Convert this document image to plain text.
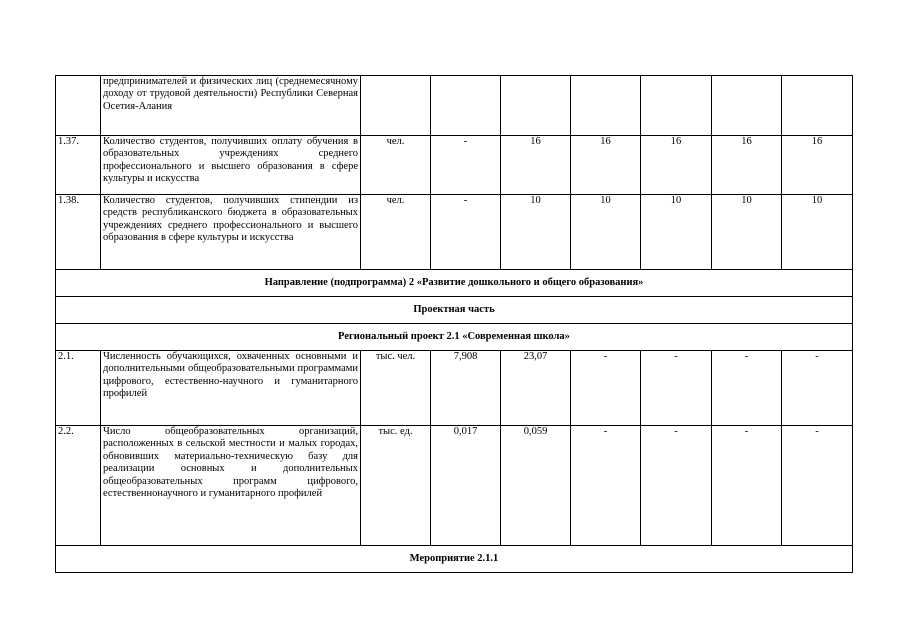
	предпринимателей и физических лиц (среднемесячному доходу от трудовой деятельности) Республики Северная Осетия-Алания							
1.37.	Количество студентов, получивших оплату обучения в образовательных учреждениях среднего профессионального и высшего образования в сфере культуры и искусства	чел.	-	16	16	16	16	16
1.38.	Количество студентов, получивших стипендии из средств республиканского бюджета в образовательных учреждениях среднего профессионального и высшего образования в сфере культуры и искусства	чел.	-	10	10	10	10	10
Направление (подпрограмма) 2 «Развитие дошкольного и общего образования»								
Проектная часть								
Региональный проект 2.1 «Современная школа»								
2.1.	Численность обучающихся, охваченных основными и дополнительными общеобразовательными программами цифрового, естественно-научного и гуманитарного профилей	тыс. чел.	7,908	23,07	-	-	-	-
2.2.	Число общеобразовательных организаций, расположенных в сельской местности и малых городах, обновивших материально-техническую базу для реализации основных и дополнительных общеобразовательных программ цифрового, естественнонаучного и гуманитарного профилей	тыс. ед.	0,017	0,059	-	-	-	-
Мероприятие 2.1.1								
